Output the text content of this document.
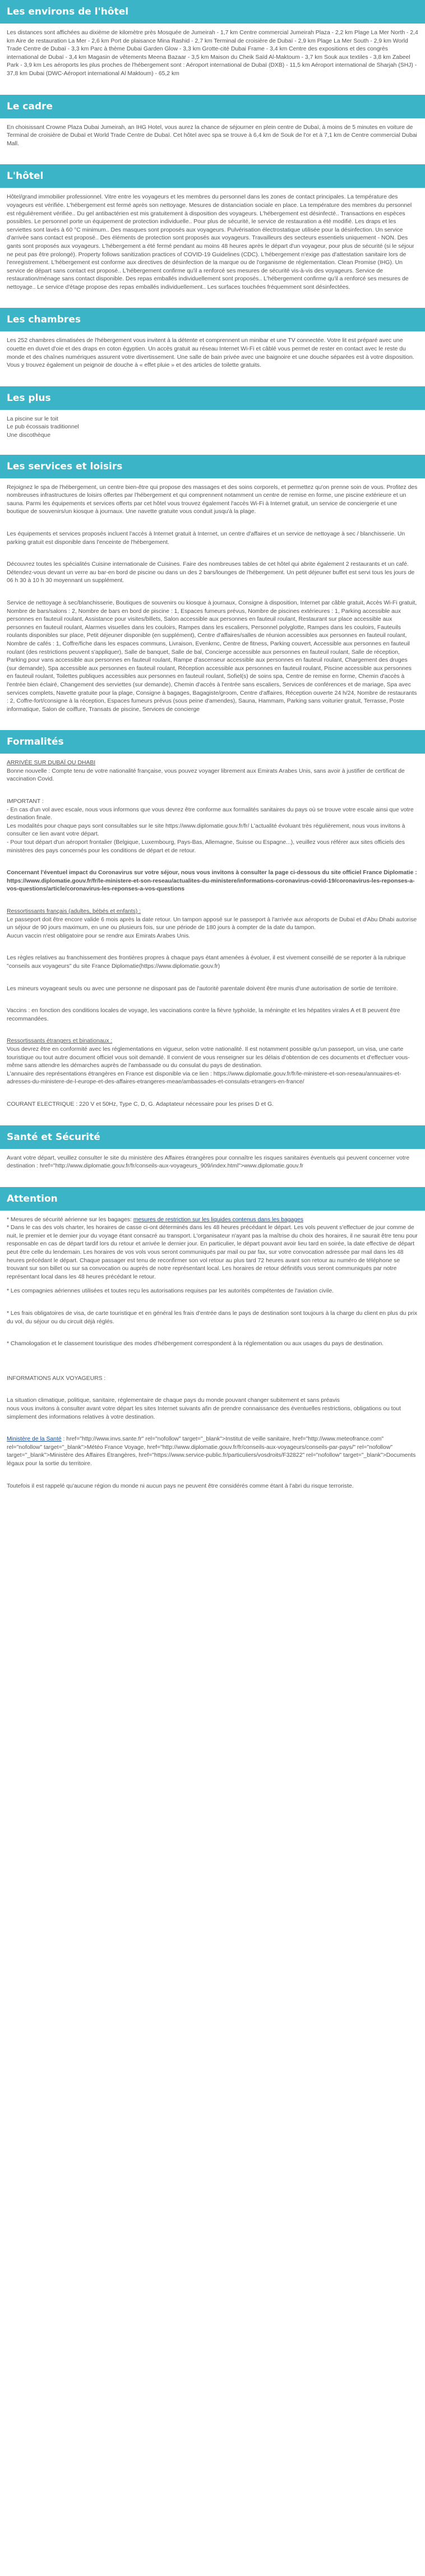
Les environs de l'hôtel

Les distances sont affichées au dixième de kilomètre près Mosquée de Jumeirah - 1,7 km Centre commercial Jumeirah Plaza - 2,2 km Plage La Mer North - 2,4 km Aire de restauration La Mer - 2,6 km Port de plaisance Mina Rashid - 2,7 km Terminal de croisière de Dubaï - 2,9 km Plage La Mer South - 2,9 km World Trade Centre de Dubaï - 3,3 km Parc à thème Dubai Garden Glow - 3,3 km Grotte-cité Dubai Frame - 3,4 km Centre des expositions et des congrès international de Dubaï - 3,4 km Magasin de vêtements Meena Bazaar - 3,5 km Maison du Cheik Saïd Al-Maktoum - 3,7 km Souk aux textiles - 3,8 km Zabeel Park - 3,9 km Les aéroports les plus proches de l'hébergement sont : Aéroport international de Dubaï (DXB) - 11,5 km Aéroport international de Sharjah (SHJ) - 37,8 km Dubai (DWC-Aéroport international Al Maktoum) - 65,2 km

Le cadre

En choisissant Crowne Plaza Dubai Jumeirah, an IHG Hotel, vous aurez la chance de séjourner en plein centre de Dubaï, à moins de 5 minutes en voiture de Terminal de croisière de Dubaï et World Trade Centre de Dubaï. Cet hôtel avec spa se trouve à 6,4 km de Souk de l'or et à 7,1 km de Centre commercial Dubai Mall.

L'hôtel

Hôtel/grand immobilier professionnel. Vitre entre les voyageurs et les membres du personnel dans les zones de contact principales. La température des voyageurs est vérifiée. L'hébergement est fermé après son nettoyage. Mesures de distanciation sociale en place. La température des membres du personnel est régulièrement vérifiée.. Du gel antibactérien est mis gratuitement à disposition des voyageurs. L'hébergement est désinfecté.. Transactions en espèces possibles. Le personnel porte un équipement de protection individuelle.. Pour plus de sécurité, le service de restauration a été modifié. Les draps et les serviettes sont lavés à 60 °C minimum.. Des masques sont proposés aux voyageurs. Pulvérisation électrostatique utilisée pour la désinfection. Un service d'arrivée sans contact est proposé.. Des éléments de protection sont proposés aux voyageurs. Travailleurs des secteurs essentiels uniquement - NON. Des gants sont proposés aux voyageurs. L'hébergement a été fermé pendant au moins 48 heures après le départ d'un voyageur, pour plus de sécurité (si le séjour ne peut pas être prolongé). Property follows sanitization practices of COVID-19 Guidelines (CDC). L'hébergement n'exige pas d'attestation sanitaire lors de l'enregistrement. L'hébergement est conforme aux directives de désinfection de la marque ou de l'organisme de réglementation. Clean Promise (IHG). Un service de départ sans contact est proposé.. L'hébergement confirme qu'il a renforcé ses mesures de sécurité vis-à-vis des voyageurs. Service de restauration/ménage sans contact disponible. Des repas emballés individuellement sont proposés.. L'hébergement confirme qu'il a renforcé ses mesures de nettoyage.. Le service d'étage propose des repas emballés individuellement.. Les surfaces touchées fréquemment sont désinfectées.

Les chambres

Les 252 chambres climatisées de l'hébergement vous invitent à la détente et comprennent un minibar et une TV connectée. Votre lit est préparé avec une couette en duvet d'oie et des draps en coton égyptien. Un accès gratuit au réseau Internet Wi-Fi et câblé vous permet de rester en contact avec le reste du monde et des chaînes numériques assurent votre divertissement. Une salle de bain privée avec une baignoire et une douche séparées est à votre disposition. Vous y trouvez également un peignoir de douche à « effet pluie » et des articles de toilette gratuits.

Les plus
La piscine sur le toit
Le pub écossais traditionnel
Une discothèque
Les services et loisirs

Rejoignez le spa de l'hébergement, un centre bien-être qui propose des massages et des soins corporels, et permettez qu'on prenne soin de vous. Profitez des nombreuses infrastructures de loisirs offertes par l'hébergement et qui comprennent notamment un centre de remise en forme, une piscine extérieure et un sauna. Parmi les équipements et services offerts par cet hôtel vous trouvez également l'accès Wi-Fi à Internet gratuit, un service de conciergerie et une boutique de souvenirs/un kiosque à journaux. Une navette gratuite vous conduit jusqu'à la plage.

Les équipements et services proposés incluent l'accès à Internet gratuit à Internet, un centre d'affaires et un service de nettoyage à sec / blanchisserie. Un parking gratuit est disponible dans l'enceinte de l'hébergement.

Découvrez toutes les spécialités Cuisine internationale de Cuisines. Faire des nombreuses tables de cet hôtel qui abrite également 2 restaurants et un café. Détendez-vous devant un verre au bar-en bord de piscine ou dans un des 2 bars/lounges de l'hébergement. Un petit déjeuner buffet est servi tous les jours de 06 h 30 à 10 h 30 moyennant un supplément.

Service de nettoyage à sec/blanchisserie, Boutiques de souvenirs ou kiosque à journaux, Consigne à disposition, Internet par câble gratuit, Accès Wi-Fi gratuit, Nombre de bars/salons : 2, Nombre de bars en bord de piscine : 1, Espaces fumeurs prévus, Nombre de piscines extérieures : 1, Parking accessible aux personnes en fauteuil roulant, Assistance pour visites/billets, Salon accessible aux personnes en fauteuil roulant, Restaurant sur place accessible aux personnes en fauteuil roulant, Alarmes visuelles dans les couloirs, Rampes dans les escaliers, Personnel polyglotte, Rampes dans les couloirs, Fauteuils roulants disponibles sur place, Petit déjeuner disponible (en supplément), Centre d'affaires/salles de réunion accessibles aux personnes en fauteuil roulant, Nombre de cafés : 1, Coffre/fiche dans les espaces communs, Livraison, Evenkrnc, Centre de fitness, Parking couvert, Accessible aux personnes en fauteuil roulant (des restrictions peuvent s'appliquer), Salle de banquet, Salle de bal, Concierge accessible aux personnes en fauteuil roulant, Salle de réception, Parking pour vans accessible aux personnes en fauteuil roulant, Rampe d'ascenseur accessible aux personnes en fauteuil roulant, Chargement des druges (sur demande), Spa accessible aux personnes en fauteuil roulant, Réception accessible aux personnes en fauteuil roulant, Piscine accessible aux personnes en fauteuil roulant, Toilettes publiques accessibles aux personnes en fauteuil roulant, Sofiel(s) de soins spa, Centre de remise en forme, Chemin d'accès à l'entrée bien éclairé, Changement des serviettes (sur demande), Chemin d'accès à l'entrée sans escaliers, Services de conférences et de mariage, Spa avec services complets, Navette gratuite pour la plage, Consigne à bagages, Bagagiste/groom, Centre d'affaires, Réception ouverte 24 h/24, Nombre de restaurants : 2, Coffre-fort/consigne à la réception, Espaces fumeurs prévus (sous peine d'amendes), Sauna, Hammam, Parking sans voiturier gratuit, Terrasse, Poste informatique, Salon de coiffure, Transats de piscine, Services de concierge

Formalités

ARRIVÉE SUR DUBAÏ OU DHABI

Bonne nouvelle : Compte tenu de votre nationalité française, vous pouvez voyager librement aux Emirats Arabes Unis, sans avoir à justifier de certificat de vaccination Covid.

IMPORTANT :

- En cas d'un vol avec escale, nous vous informons que vous devrez être conforme aux formalités sanitaires du pays où se trouve votre escale ainsi que votre destination finale.

Les modalités pour chaque pays sont consultables sur le site https://www.diplomatie.gouv.fr/fr/ L'actualité évoluant très régulièrement, nous vous invitons à consulter ce lien avant votre départ.

- Pour tout départ d'un aéroport frontalier (Belgique, Luxembourg, Pays-Bas, Allemagne, Suisse ou Espagne...), veuillez vous référer aux sites officiels des ministères des pays concernés pour les conditions de départ et de retour.

Concernant l'éventuel impact du Coronavirus sur votre séjour, nous vous invitons à consulter la page ci-dessous du site officiel France Diplomatie :

https://www.diplomatie.gouv.fr/fr/le-ministere-et-son-reseau/actualites-du-ministere/informations-coronavirus-covid-19/coronavirus-les-reponses-a-vos-questions/article/coronavirus-les-reponses-a-vos-questions

Ressortissants français (adultes, bébés et enfants) :

Le passeport doit être encore valide 6 mois après la date retour. Un tampon apposé sur le passeport à l'arrivée aux aéroports de Dubaï et d'Abu Dhabi autorise un séjour de 90 jours maximum, en une ou plusieurs fois, sur une période de 180 jours à compter de la date du tampon.

Aucun vaccin n'est obligatoire pour se rendre aux Emirats Arabes Unis.

Les règles relatives au franchissement des frontières propres à chaque pays étant amenées à évoluer, il est vivement conseillé de se reporter à la rubrique "conseils aux voyageurs" du site France Diplomatie(https://www.diplomatie.gouv.fr)

Les mineurs voyageant seuls ou avec une personne ne disposant pas de l'autorité parentale doivent être munis d'une autorisation de sortie de territoire.

Vaccins : en fonction des conditions locales de voyage, les vaccinations contre la fièvre typhoïde, la méningite et les hépatites virales A et B peuvent être recommandées.

Ressortissants étrangers et binationaux :

Vous devrez être en conformité avec les réglementations en vigueur, selon votre nationalité. Il est notamment possible qu'un passeport, un visa, une carte touristique ou tout autre document officiel vous soit demandé. Il convient de vous renseigner sur les délais d'obtention de ces documents et d'effectuer vous-même sans attendre les démarches auprès de l'ambassade ou du consulat du pays de destination.

L'annuaire des représentations étrangères en France est disponible via ce lien : https://www.diplomatie.gouv.fr/fr/le-ministere-et-son-reseau/annuaires-et-adresses-du-ministere-de-l-europe-et-des-affaires-etrangeres-meae/ambassades-et-consulats-etrangers-en-france/

COURANT ELECTRIQUE : 220 V et 50Hz, Type C, D, G. Adaptateur nécessaire pour les prises D et G.

Santé et Sécurité

Avant votre départ, veuillez consulter le site du ministère des Affaires étrangères pour connaître les risques sanitaires éventuels qui peuvent concerner votre destination : href="http://www.diplomatie.gouv.fr/fr/conseils-aux-voyageurs_909/index.html">www.diplomatie.gouv.fr

Attention

* Mesures de sécurité aérienne sur les bagages: mesures de restriction sur les liquides contenus dans les bagages

* Dans le cas des vols charter, les horaires de casse ci-ont déterminés dans les 48 heures précédant le départ. Les vols peuvent s'effectuer de jour comme de nuit, le premier et le dernier jour du voyage étant consacré au transport. L'organisateur n'ayant pas la maîtrise du choix des horaires, il ne saurait être tenu pour responsable en cas de départ tardif lors du retour et arrivée le dernier jour. En particulier, le départ pouvant avoir lieu tard en soirée, la date effective de départ peut être celle du lendemain. Les horaires de vos vols vous seront communiqués par mail ou par fax, sur votre convocation adressée par mail dans les 48 heures précédant le départ. Chaque passager est tenu de reconfirmer son vol retour au plus tard 72 heures avant son retour au numéro de téléphone se trouvant sur son billet ou sur sa convocation ou auprès de notre représentant local. Les horaires de retour définitifs vous seront communiqués par notre représentant local dans les 48 heures précédant le retour.

* Les compagnies aériennes utilisées et toutes reçu les autorisations requises par les autorités compétentes de l'aviation civile.

* Les frais obligatoires de visa, de carte touristique et en général les frais d'entrée dans le pays de destination sont toujours à la charge du client en plus du prix du vol, du séjour ou du circuit déjà réglés.

* Chamologation et le classement touristique des modes d'hébergement correspondent à la réglementation ou aux usages du pays de destination.

INFORMATIONS AUX VOYAGEURS :

La situation climatique, politique, sanitaire, réglementaire de chaque pays du monde pouvant changer subitement et sans préavis

nous vous invitons à consulter avant votre départ les sites Internet suivants afin de prendre connaissance des éventuelles restrictions, obligations ou tout simplement des informations relatives à votre destination.

Ministère de la Santé : href="http://www.invs.sante.fr" rel="nofollow" target="_blank">Institut de veille sanitaire, href="http://www.meteofrance.com" rel="nofollow" target="_blank">Météo France Voyage, href="http://www.diplomatie.gouv.fr/fr/conseils-aux-voyageurs/conseils-par-pays/" rel="nofollow" target="_blank">Ministère des Affaires Étrangères, href="https://www.service-public.fr/particuliers/vosdroits/F32822" rel="nofollow" target="_blank">Documents légaux pour la sortie du territoire.

Toutefois il est rappelé qu'aucune région du monde ni aucun pays ne peuvent être considérés comme étant à l'abri du risque terroriste.
